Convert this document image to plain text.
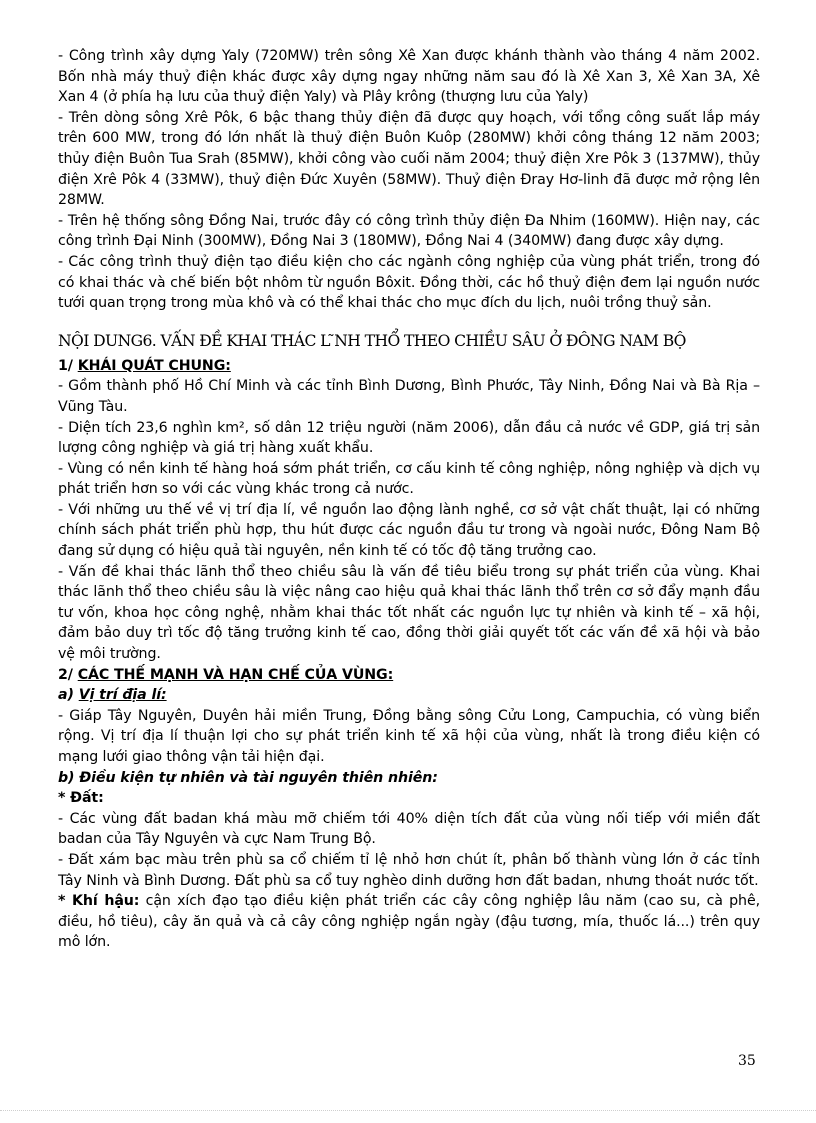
- Công trình xây dựng Yaly (720MW) trên sông Xê Xan được khánh thành vào tháng 4 năm 2002. Bốn nhà máy thuỷ điện khác được xây dựng ngay những năm sau đó là Xê Xan 3, Xê Xan 3A, Xê Xan 4 (ở phía hạ lưu của thuỷ điện Yaly) và Plây krông (thượng lưu của Yaly)

- Trên dòng sông Xrê Pôk, 6 bậc thang thủy điện đã được quy hoạch, với tổng công suất lắp máy trên 600 MW, trong đó lớn nhất là thuỷ điện Buôn Kuôp (280MW) khởi công tháng 12 năm 2003; thủy điện Buôn Tua Srah (85MW), khởi công vào cuối năm 2004; thuỷ điện Xre Pôk 3 (137MW), thủy điện Xrê Pôk 4 (33MW), thuỷ điện Đức Xuyên (58MW). Thuỷ điện Đray Hơ-linh đã được mở rộng lên 28MW.

- Trên hệ thống sông Đồng Nai, trước đây có công trình thủy điện Đa Nhim (160MW). Hiện nay, các công trình Đại Ninh (300MW), Đồng Nai 3 (180MW), Đồng Nai 4 (340MW) đang được xây dựng.

- Các công trình thuỷ điện tạo điều kiện cho các ngành công nghiệp của vùng phát triển, trong đó có khai thác và chế biến bột nhôm từ nguồn Bôxit. Đồng thời, các hồ thuỷ điện đem lại nguồn nước tưới quan trọng trong mùa khô và có thể khai thác cho mục đích du lịch, nuôi trồng thuỷ sản.

NỘI DUNG6. VẤN ĐỀ KHAI THÁC L ̃NH THỔ THEO CHIỀU SÂU Ở ĐÔNG NAM BỘ

1/ KHÁI QUÁT CHUNG:

- Gồm thành phố Hồ Chí Minh và các tỉnh Bình Dương, Bình Phước, Tây Ninh, Đồng Nai và Bà Rịa – Vũng Tàu.

- Diện tích 23,6 nghìn km², số dân 12 triệu người (năm 2006), dẫn đầu cả nước về GDP, giá trị sản lượng công nghiệp và giá trị hàng xuất khẩu.

- Vùng có nền kinh tế hàng hoá sớm phát triển, cơ cấu kinh tế công nghiệp, nông nghiệp và dịch vụ phát triển hơn so với các vùng khác trong cả nước.

- Với những ưu thế về vị trí địa lí, về nguồn lao động lành nghề, cơ sở vật chất thuật, lại có những chính sách phát triển phù hợp, thu hút được các nguồn đầu tư trong và ngoài nước, Đông Nam Bộ đang sử dụng có hiệu quả tài nguyên, nền kinh tế có tốc độ tăng trưởng cao.

- Vấn đề khai thác lãnh thổ theo chiều sâu là vấn đề tiêu biểu trong sự phát triển của vùng. Khai thác lãnh thổ theo chiều sâu là việc nâng cao hiệu quả khai thác lãnh thổ trên cơ sở đẩy mạnh đầu tư vốn, khoa học công nghệ, nhằm khai thác tốt nhất các nguồn lực tự nhiên và kinh tế – xã hội, đảm bảo duy trì tốc độ tăng trưởng kinh tế cao, đồng thời giải quyết tốt các vấn đề xã hội và bảo vệ môi trường.

2/ CÁC THẾ MẠNH VÀ HẠN CHẾ CỦA VÙNG:

a) Vị trí địa lí:

- Giáp Tây Nguyên, Duyên hải miền Trung, Đồng bằng sông Cửu Long, Campuchia, có vùng biển rộng. Vị trí địa lí thuận lợi cho sự phát triển kinh tế xã hội của vùng, nhất là trong điều kiện có mạng lưới giao thông vận tải hiện đại.

b) Điều kiện tự nhiên và tài nguyên thiên nhiên:

* Đất:

- Các vùng đất badan khá màu mỡ chiếm tới 40% diện tích đất của vùng nối tiếp với miền đất badan của Tây Nguyên và cực Nam Trung Bộ.

- Đất xám bạc màu trên phù sa cổ chiếm tỉ lệ nhỏ hơn chút ít, phân bố thành vùng lớn ở các tỉnh Tây Ninh và Bình Dương. Đất phù sa cổ tuy nghèo dinh dưỡng hơn đất badan, nhưng thoát nước tốt.

* Khí hậu: cận xích đạo tạo điều kiện phát triển các cây công nghiệp lâu năm (cao su, cà phê, điều, hồ tiêu), cây ăn quả và cả cây công nghiệp ngắn ngày (đậu tương, mía, thuốc lá...) trên quy mô lớn.

35
